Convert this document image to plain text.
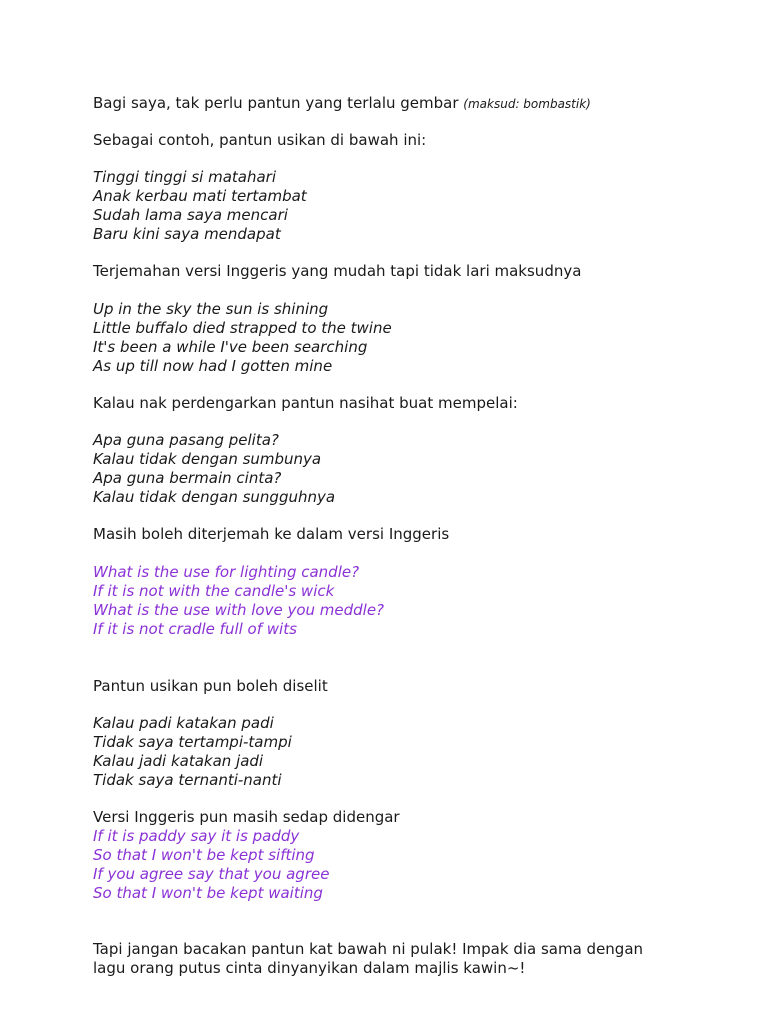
Bagi saya, tak perlu pantun yang terlalu gembar (maksud: bombastik)
Sebagai contoh, pantun usikan di bawah ini:
Tinggi tinggi si matahari
Anak kerbau mati tertambat
Sudah lama saya mencari
Baru kini saya mendapat
Terjemahan versi Inggeris yang mudah tapi tidak lari maksudnya
Up in the sky the sun is shining
Little buffalo died strapped to the twine
It's been a while I've been searching
As up till now had I gotten mine
Kalau nak perdengarkan pantun nasihat buat mempelai:
Apa guna pasang pelita?
Kalau tidak dengan sumbunya
Apa guna bermain cinta?
Kalau tidak dengan sungguhnya
Masih boleh diterjemah ke dalam versi Inggeris
What is the use for lighting candle?
If it is not with the candle's wick
What is the use with love you meddle?
If it is not cradle full of wits
Pantun usikan pun boleh diselit
Kalau padi katakan padi
Tidak saya tertampi-tampi
Kalau jadi katakan jadi
Tidak saya ternanti-nanti
Versi Inggeris pun masih sedap didengar
If it is paddy say it is paddy
So that I won't be kept sifting
If you agree say that you agree
So that I won't be kept waiting
Tapi jangan bacakan pantun kat bawah ni pulak! Impak dia sama dengan
lagu orang putus cinta dinyanyikan dalam majlis kawin~!
